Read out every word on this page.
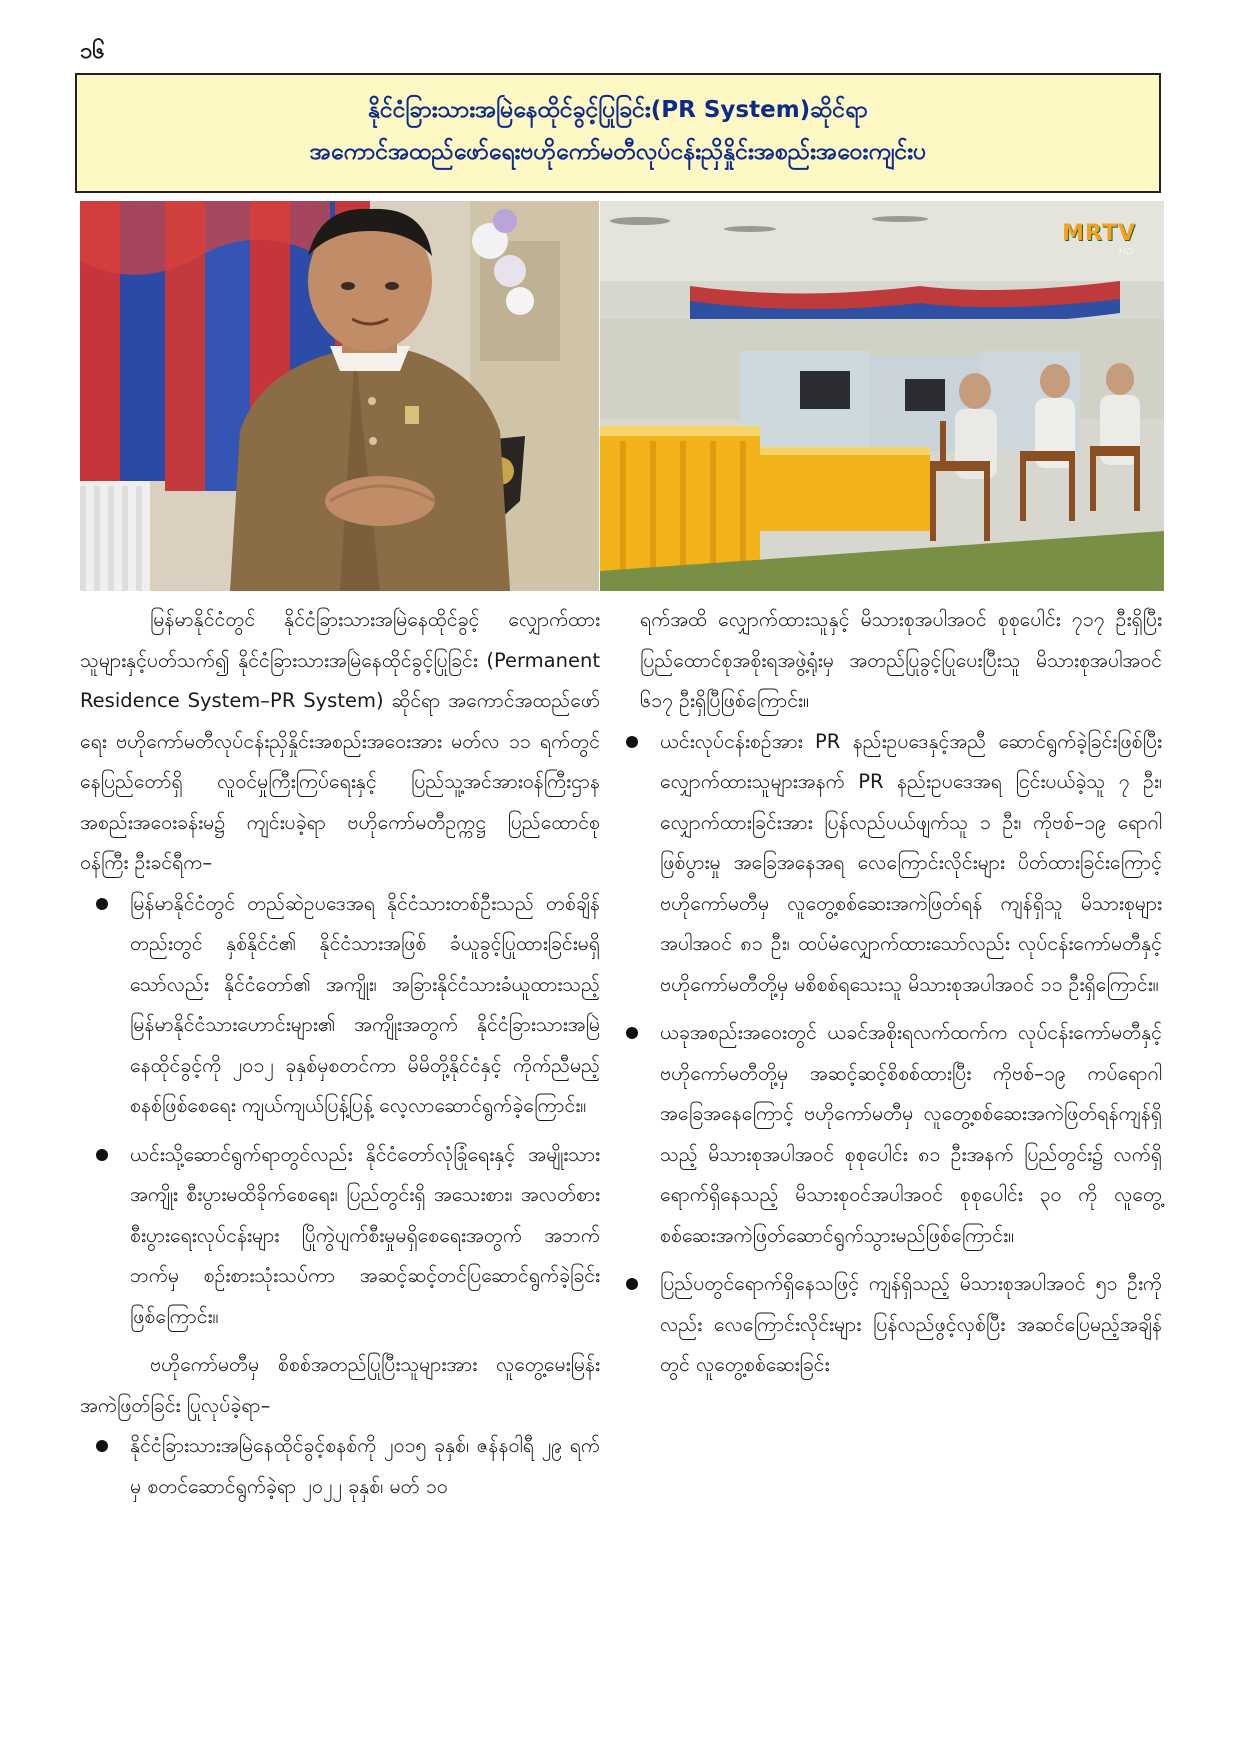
၁၆
နိုင်ငံခြားသားအမြဲနေထိုင်ခွင့်ပြုခြင်း(PR System)ဆိုင်ရာ
အကောင်အထည်ဖော်ရေးဗဟိုကော်မတီလုပ်ငန်းညှိနှိုင်းအစည်းအဝေးကျင်းပ
MRTV
HD

မြန်မာနိုင်ငံတွင် နိုင်ငံခြားသားအမြဲနေထိုင်ခွင့် လျှောက်ထားသူများနှင့်ပတ်သက်၍ နိုင်ငံခြားသားအမြဲနေထိုင်ခွင့်ပြုခြင်း (Permanent Residence System–PR System) ဆိုင်ရာ အကောင်အထည်ဖော်ရေး ဗဟိုကော်မတီလုပ်ငန်းညှိနှိုင်းအစည်းအဝေးအား မတ်လ ၁၁ ရက်တွင် နေပြည်တော်ရှိ လူဝင်မှုကြီးကြပ်ရေးနှင့် ပြည်သူ့အင်အားဝန်ကြီးဌာန အစည်းအဝေးခန်းမ၌ ကျင်းပခဲ့ရာ ဗဟိုကော်မတီဥက္ကဋ္ဌ ပြည်ထောင်စုဝန်ကြီး ဦးခင်ရီက–

မြန်မာနိုင်ငံတွင် တည်ဆဲဥပဒေအရ နိုင်ငံသားတစ်ဦးသည် တစ်ချိန်တည်းတွင် နှစ်နိုင်ငံ၏ နိုင်ငံသားအဖြစ် ခံယူခွင့်ပြုထားခြင်းမရှိသော်လည်း နိုင်ငံတော်၏ အကျိုး၊ အခြားနိုင်ငံသားခံယူထားသည့် မြန်မာနိုင်ငံသားဟောင်းများ၏ အကျိုးအတွက် နိုင်ငံခြားသားအမြဲနေထိုင်ခွင့်ကို ၂၀၁၂ ခုနှစ်မှစတင်ကာ မိမိတို့နိုင်ငံနှင့် ကိုက်ညီမည့်စနစ်ဖြစ်စေရေး ကျယ်ကျယ်ပြန့်ပြန့် လေ့လာဆောင်ရွက်ခဲ့ကြောင်း။
ယင်းသို့ဆောင်ရွက်ရာတွင်လည်း နိုင်ငံတော်လုံခြုံရေးနှင့် အမျိုးသားအကျိုး စီးပွားမထိခိုက်စေရေး၊ ပြည်တွင်းရှိ အသေးစား၊ အလတ်စား စီးပွားရေးလုပ်ငန်းများ ပြိုကွဲပျက်စီးမှုမရှိစေရေးအတွက် အဘက်ဘက်မှ စဉ်းစားသုံးသပ်ကာ အဆင့်ဆင့်တင်ပြဆောင်ရွက်ခဲ့ခြင်းဖြစ်ကြောင်း။

ဗဟိုကော်မတီမှ စိစစ်အတည်ပြုပြီးသူများအား လူတွေ့မေးမြန်းအကဲဖြတ်ခြင်း ပြုလုပ်ခဲ့ရာ–

နိုင်ငံခြားသားအမြဲနေထိုင်ခွင့်စနစ်ကို ၂၀၁၅ ခုနှစ်၊ ဇန်နဝါရီ ၂၉ ရက်မှ စတင်ဆောင်ရွက်ခဲ့ရာ ၂၀၂၂ ခုနှစ်၊ မတ် ၁၀

ရက်အထိ လျှောက်ထားသူနှင့် မိသားစုအပါအဝင် စုစုပေါင်း ၇၁၇ ဦးရှိပြီး ပြည်ထောင်စုအစိုးရအဖွဲ့ရုံးမှ အတည်ပြုခွင့်ပြုပေးပြီးသူ မိသားစုအပါအဝင် ၆၁၇ ဦးရှိပြီဖြစ်ကြောင်း။

ယင်းလုပ်ငန်းစဉ်အား PR နည်းဥပဒေနှင့်အညီ ဆောင်ရွက်ခဲ့ခြင်းဖြစ်ပြီး လျှောက်ထားသူများအနက် PR နည်းဥပဒေအရ ငြင်းပယ်ခဲ့သူ ၇ ဦး၊ လျှောက်ထားခြင်းအား ပြန်လည်ပယ်ဖျက်သူ ၁ ဦး၊ ကိုဗစ်–၁၉ ရောဂါဖြစ်ပွားမှု အခြေအနေအရ လေကြောင်းလိုင်းများ ပိတ်ထားခြင်းကြောင့် ဗဟိုကော်မတီမှ လူတွေ့စစ်ဆေးအကဲဖြတ်ရန် ကျန်ရှိသူ မိသားစုများအပါအဝင် ၈၁ ဦး၊ ထပ်မံလျှောက်ထားသော်လည်း လုပ်ငန်းကော်မတီနှင့် ဗဟိုကော်မတီတို့မှ မစိစစ်ရသေးသူ မိသားစုအပါအဝင် ၁၁ ဦးရှိကြောင်း။
ယခုအစည်းအဝေးတွင် ယခင်အစိုးရလက်ထက်က လုပ်ငန်းကော်မတီနှင့် ဗဟိုကော်မတီတို့မှ အဆင့်ဆင့်စိစစ်ထားပြီး ကိုဗစ်–၁၉ ကပ်ရောဂါအခြေအနေကြောင့် ဗဟိုကော်မတီမှ လူတွေ့စစ်ဆေးအကဲဖြတ်ရန်ကျန်ရှိသည့် မိသားစုအပါအဝင် စုစုပေါင်း ၈၁ ဦးအနက် ပြည်တွင်း၌ လက်ရှိရောက်ရှိနေသည့် မိသားစုဝင်အပါအဝင် စုစုပေါင်း ၃၀ ကို လူတွေ့စစ်ဆေးအကဲဖြတ်ဆောင်ရွက်သွားမည်ဖြစ်ကြောင်း။
ပြည်ပတွင်ရောက်ရှိနေသဖြင့် ကျန်ရှိသည့် မိသားစုအပါအဝင် ၅၁ ဦးကိုလည်း လေကြောင်းလိုင်းများ ပြန်လည်ဖွင့်လှစ်ပြီး အဆင်ပြေမည့်အချိန်တွင် လူတွေ့စစ်ဆေးခြင်း
